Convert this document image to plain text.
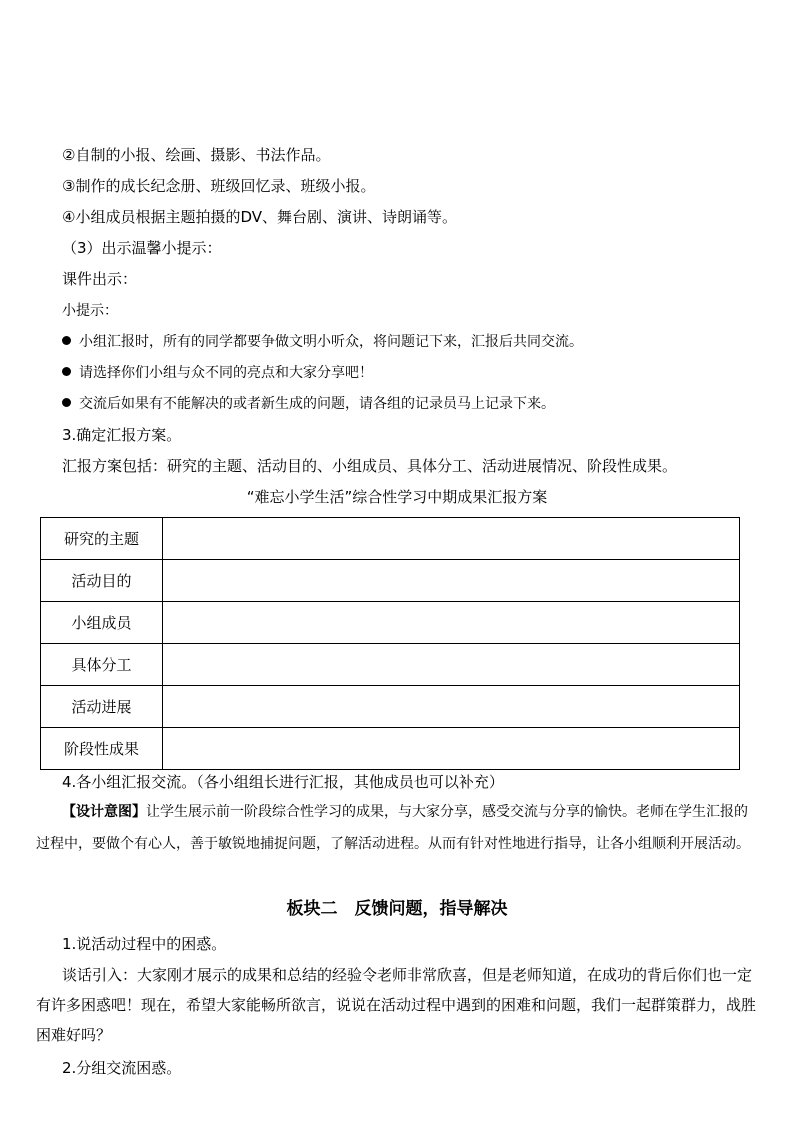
②自制的小报、绘画、摄影、书法作品。
③制作的成长纪念册、班级回忆录、班级小报。
④小组成员根据主题拍摄的DV、舞台剧、演讲、诗朗诵等。
（3）出示温馨小提示：
课件出示：
小提示：
小组汇报时，所有的同学都要争做文明小听众，将问题记下来，汇报后共同交流。
请选择你们小组与众不同的亮点和大家分享吧！
交流后如果有不能解决的或者新生成的问题，请各组的记录员马上记录下来。
3.确定汇报方案。
汇报方案包括：研究的主题、活动目的、小组成员、具体分工、活动进展情况、阶段性成果。
“难忘小学生活”综合性学习中期成果汇报方案
研究的主题	
活动目的	
小组成员	
具体分工	
活动进展	
阶段性成果	
4.各小组汇报交流。（各小组组长进行汇报，其他成员也可以补充）
【设计意图】让学生展示前一阶段综合性学习的成果，与大家分享，感受交流与分享的愉快。老师在学生汇报的过程中，要做个有心人，善于敏锐地捕捉问题，了解活动进程。从而有针对性地进行指导，让各小组顺利开展活动。
板块二　反馈问题，指导解决
1.说活动过程中的困惑。
谈话引入：大家刚才展示的成果和总结的经验令老师非常欣喜，但是老师知道，在成功的背后你们也一定有许多困惑吧！现在，希望大家能畅所欲言，说说在活动过程中遇到的困难和问题，我们一起群策群力，战胜困难好吗？
2.分组交流困惑。
